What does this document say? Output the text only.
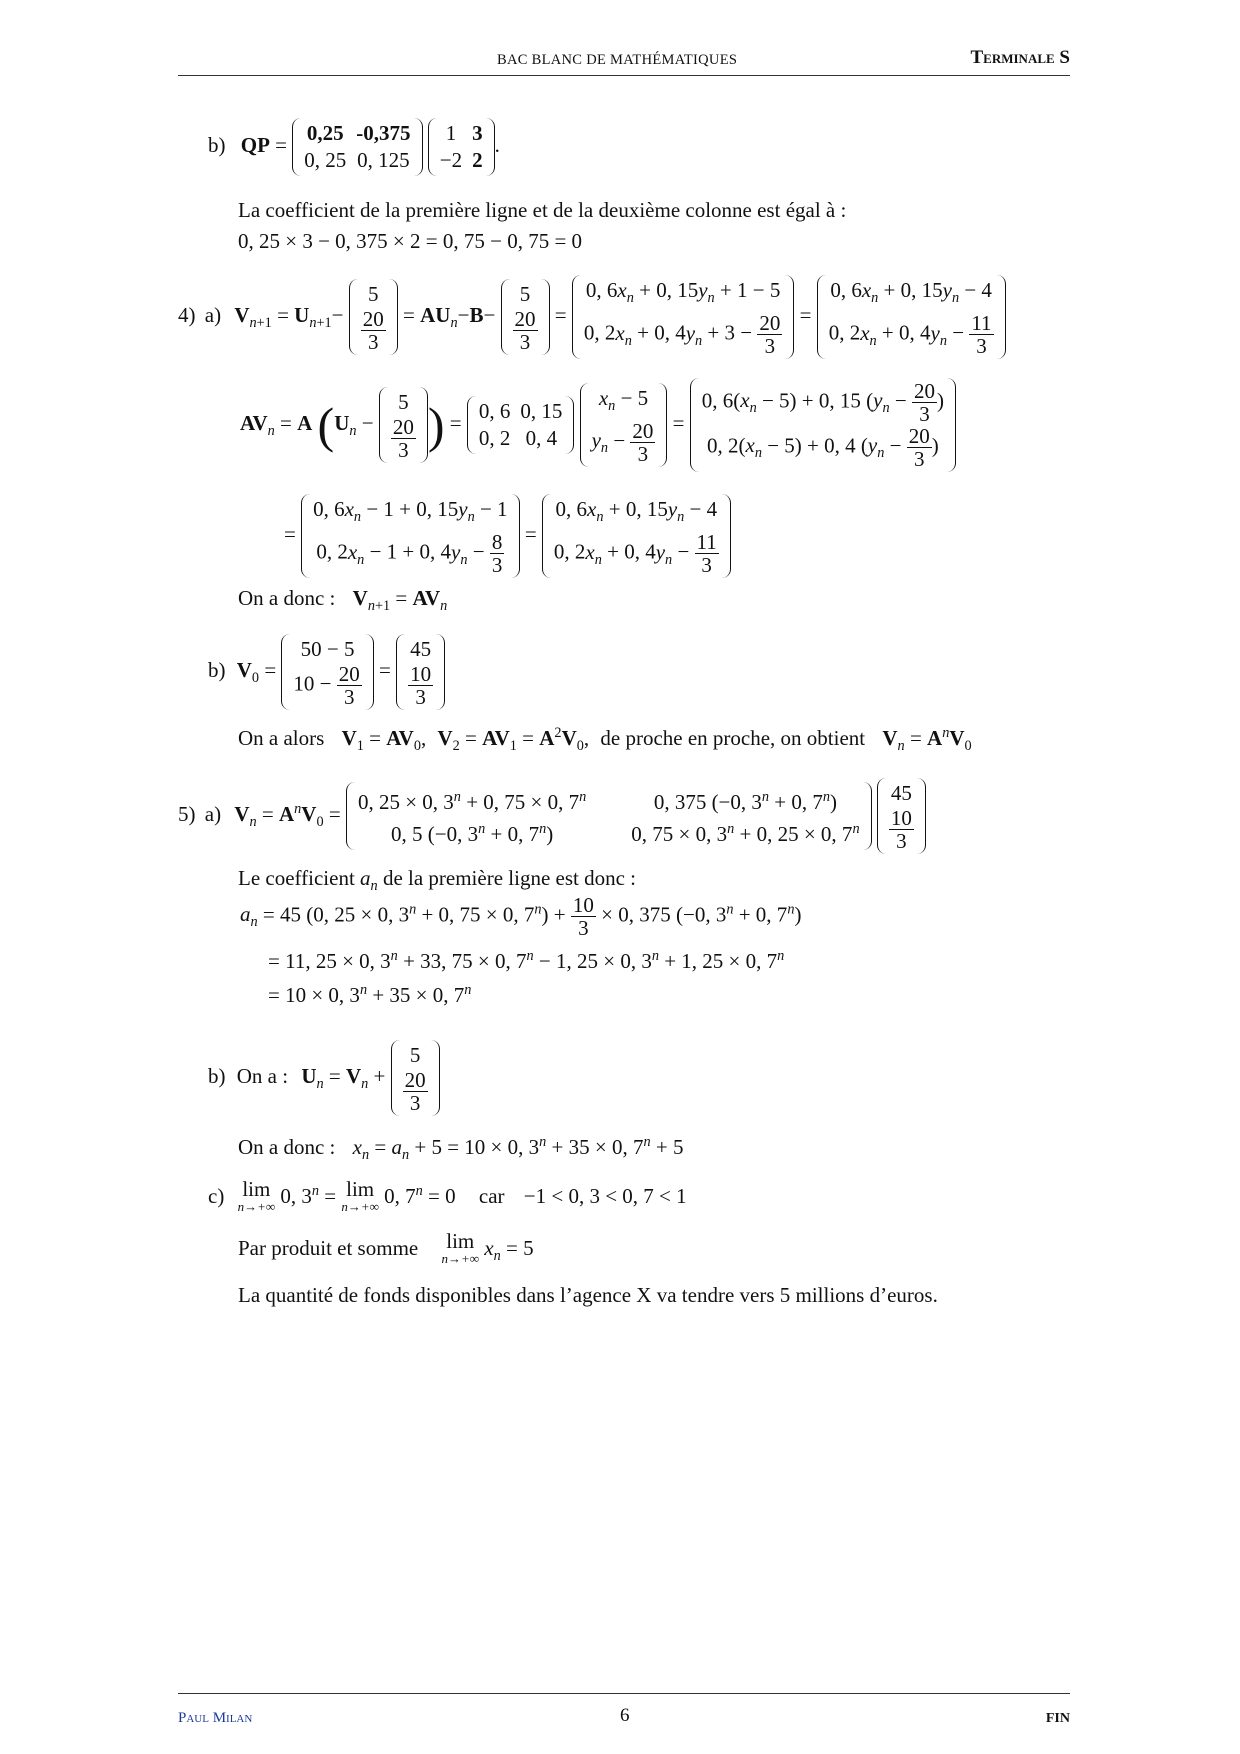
BAC BLANC DE MATHÉMATIQUES	Terminale S
b) QP = 0,25	-0,375
0, 25	0, 125

1	3
−2	2
.
La coefficient de la première ligne et de la deuxième colonne est égal à :
0, 25 × 3 − 0, 375 × 2 = 0, 75 − 0, 75 = 0
4) a) $V_{n+1} = U_{n+1}-$
5

$\frac{20}{3} = AU_n-B-$
5

$\frac{20}{3}$ =
0, $6x_n + 0$, $15y_n + 1 - 5$
0, $2x_n + 0$, $4y_n + 3 - \frac{20}{3}$ =
0, $6x_n + 0$, $15y_n - 4$
0, $2x_n + 0$, $4y_n - \frac{11}{3}$
$AV_n = A$ ($U_n$ −
5

$\frac{20}{3}$ ) = 0, 6	0, 15
0, 2	0, 4

$x_n - 5$
$y_n - \frac{20}{3}$ =
0, $6(x_n - 5) + 0$, 15 ($y_n - \frac{20}{3}$ )
0, $2(x_n - 5) + 0$, 4 ($y_n - \frac{20}{3}$ )
=
0, $6x_n - 1 + 0$, $15y_n - 1$
0, $2x_n - 1 + 0$, $4y_n - \frac{8}{3}$ =
0, $6x_n + 0$, $15y_n - 4$
0, $2x_n + 0$, $4y_n - \frac{11}{3}$
On a donc : $V_{n+1} = AV_n$
b) $V_0$ =
50 − 5
$10 - \frac{20}{3}$ =
45

$\frac{10}{3}$
On a alors $V_1 = AV_0$, $V_2 = AV_1 = A^2V_0$, de proche en proche, on obtient $V_n = A^nV_0$
5) a) $V_n = A^nV_0 = 0$, 25 × 0, $3^n + 0$, 75 × 0, 7$^n$	0, 375 (−0, $3^n + 0$, 7$^n$)
0, 5 (−0, $3^n + 0$, 7$^n$)	0, 75 × 0, $3^n + 0$, 25 × 0, 7$^n$

45

$\frac{10}{3}$
Le coefficient $a_n$ de la première ligne est donc :
$a_n = 45$ (0, 25 × 0, $3^n + 0$, 75 × 0, $7^n) + \frac{10}{3} \times 0$, 375 (−0, $3^n + 0$, $7^n$)
= 11, 25 × 0, $3^n + 33$, 75 × 0, $7^n - 1$, 25 × 0, $3^n + 1$, 25 × 0, $7^n$
= 10 × 0, $3^n + 35 \times 0$, 7$^n$
b) On a : $U_n = V_n$ +
5

$\frac{20}{3}$
On a donc : $x_n = a_n + 5 = 10 \times 0$, $3^n + 35 \times 0$, $7^n + 5$
c) lim
n→+∞ 0, $3^n = \lim$
n→+∞ 0, $7^n = 0$ car −1 < 0, 3 < 0, 7 < 1
Par produit et somme lim
n→+∞ $x_n = 5$
La quantité de fonds disponibles dans l’agence X va tendre vers 5 millions d’euros.
Paul Milan	6	FIN
